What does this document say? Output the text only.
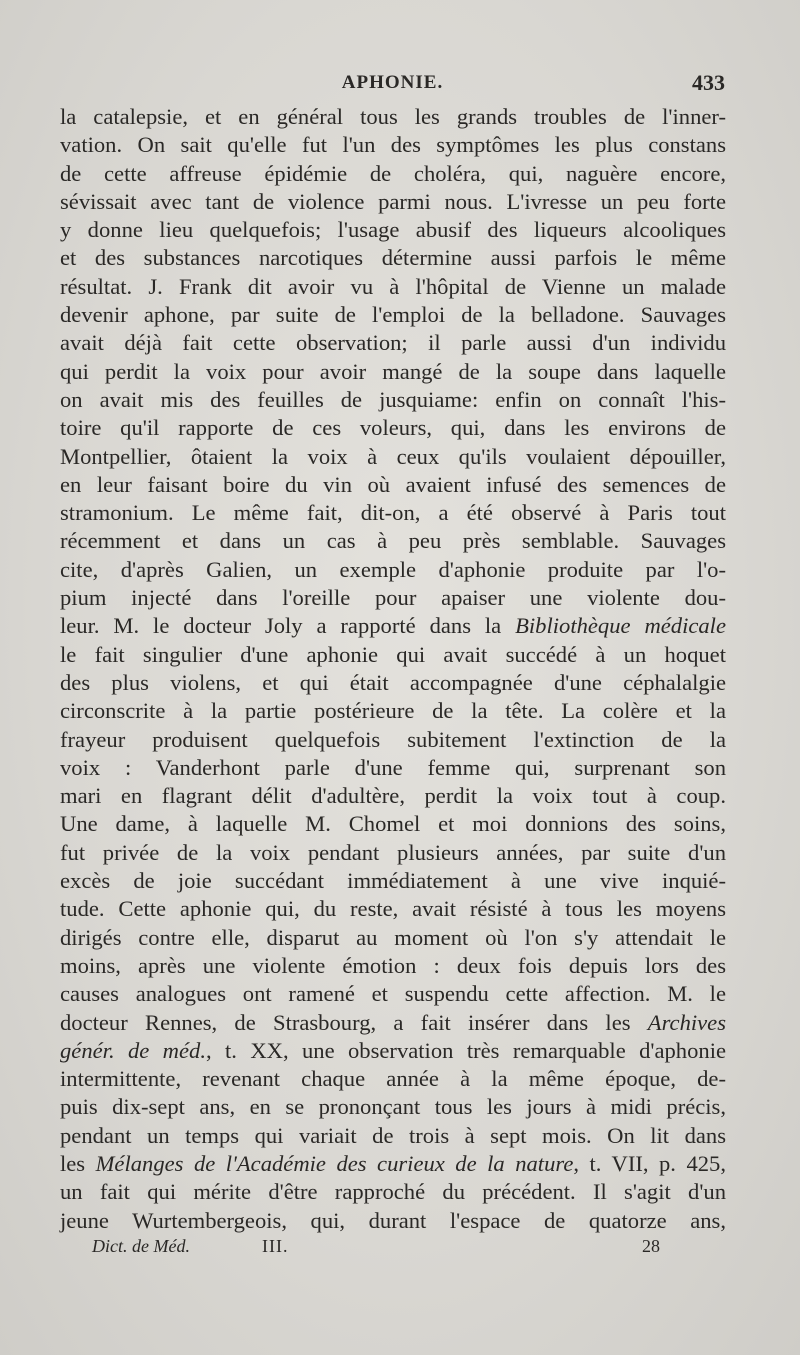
APHONIE.	433
la catalepsie, et en général tous les grands troubles de l'inner-
vation. On sait qu'elle fut l'un des symptômes les plus constans
de cette affreuse épidémie de choléra, qui, naguère encore,
sévissait avec tant de violence parmi nous. L'ivresse un peu forte
y donne lieu quelquefois; l'usage abusif des liqueurs alcooliques
et des substances narcotiques détermine aussi parfois le même
résultat. J. Frank dit avoir vu à l'hôpital de Vienne un malade
devenir aphone, par suite de l'emploi de la belladone. Sauvages
avait déjà fait cette observation; il parle aussi d'un individu
qui perdit la voix pour avoir mangé de la soupe dans laquelle
on avait mis des feuilles de jusquiame: enfin on connaît l'his-
toire qu'il rapporte de ces voleurs, qui, dans les environs de
Montpellier, ôtaient la voix à ceux qu'ils voulaient dépouiller,
en leur faisant boire du vin où avaient infusé des semences de
stramonium. Le même fait, dit-on, a été observé à Paris tout
récemment et dans un cas à peu près semblable. Sauvages
cite, d'après Galien, un exemple d'aphonie produite par l'o-
pium injecté dans l'oreille pour apaiser une violente dou-
leur. M. le docteur Joly a rapporté dans la Bibliothèque médicale
le fait singulier d'une aphonie qui avait succédé à un hoquet
des plus violens, et qui était accompagnée d'une céphalalgie
circonscrite à la partie postérieure de la tête. La colère et la
frayeur produisent quelquefois subitement l'extinction de la
voix : Vanderhont parle d'une femme qui, surprenant son
mari en flagrant délit d'adultère, perdit la voix tout à coup.
Une dame, à laquelle M. Chomel et moi donnions des soins,
fut privée de la voix pendant plusieurs années, par suite d'un
excès de joie succédant immédiatement à une vive inquié-
tude. Cette aphonie qui, du reste, avait résisté à tous les moyens
dirigés contre elle, disparut au moment où l'on s'y attendait le
moins, après une violente émotion : deux fois depuis lors des
causes analogues ont ramené et suspendu cette affection. M. le
docteur Rennes, de Strasbourg, a fait insérer dans les Archives
génér. de méd., t. XX, une observation très remarquable d'aphonie
intermittente, revenant chaque année à la même époque, de-
puis dix-sept ans, en se prononçant tous les jours à midi précis,
pendant un temps qui variait de trois à sept mois. On lit dans
les Mélanges de l'Académie des curieux de la nature, t. VII, p. 425,
un fait qui mérite d'être rapproché du précédent. Il s'agit d'un
jeune Wurtembergeois, qui, durant l'espace de quatorze ans,
Dict. de Méd.	III.	28
